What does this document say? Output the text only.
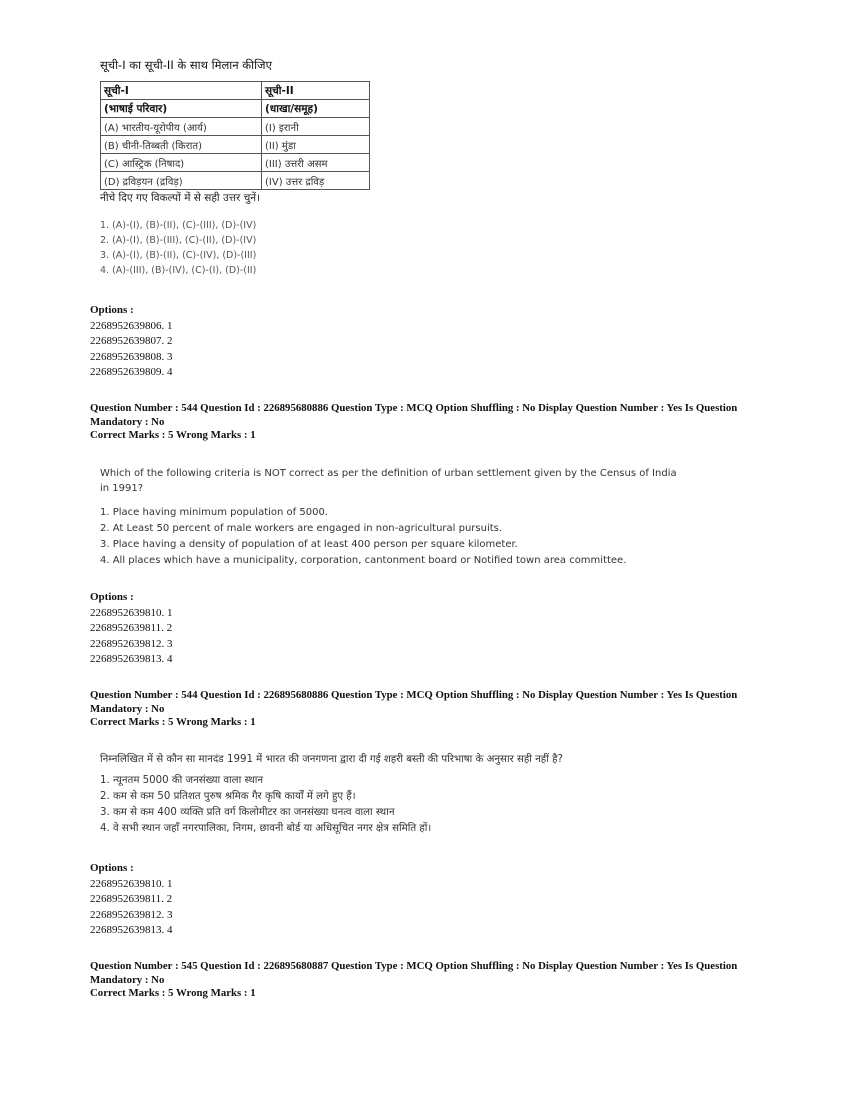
सूची-I का सूची-II के साथ मिलान कीजिए
सूची-I	सूची-II
(भाषाई परिवार)	(धाखा/समूह)
(A) भारतीय-यूरोपीय (आर्य)	(I) इरानी
(B) चीनी-तिब्बती (किरात)	(II) मुंडा
(C) आस्ट्रिक (निषाद)	(III) उत्तरी असम
(D) द्रविड़यन (द्रविड़)	(IV) उत्तर द्रविड़
नीचे दिए गए विकल्पों में से सही उत्तर चुनें।
1. (A)-(I), (B)-(II), (C)-(III), (D)-(IV)
2. (A)-(I), (B)-(III), (C)-(II), (D)-(IV)
3. (A)-(I), (B)-(II), (C)-(IV), (D)-(III)
4. (A)-(III), (B)-(IV), (C)-(I), (D)-(II)
Options :
2268952639806. 1
2268952639807. 2
2268952639808. 3
2268952639809. 4
Question Number : 544 Question Id : 226895680886 Question Type : MCQ Option Shuffling : No Display Question Number : Yes Is Question
Mandatory : No
Correct Marks : 5 Wrong Marks : 1

Which of the following criteria is NOT correct as per the definition of urban settlement given by the Census of India in 1991?

1. Place having minimum population of 5000.
2. At Least 50 percent of male workers are engaged in non-agricultural pursuits.
3. Place having a density of population of at least 400 person per square kilometer.
4. All places which have a municipality, corporation, cantonment board or Notified town area committee.
Options :
2268952639810. 1
2268952639811. 2
2268952639812. 3
2268952639813. 4
Question Number : 544 Question Id : 226895680886 Question Type : MCQ Option Shuffling : No Display Question Number : Yes Is Question
Mandatory : No
Correct Marks : 5 Wrong Marks : 1

निम्नलिखित में से कौन सा मानदंड 1991 में भारत की जनगणना द्वारा दी गई शहरी बस्ती की परिभाषा के अनुसार सही नहीं है?

1. न्यूनतम 5000 की जनसंख्या वाला स्थान
2. कम से कम 50 प्रतिशत पुरुष श्रमिक गैर कृषि कार्यों में लगे हुए हैं।
3. कम से कम 400 व्यक्ति प्रति वर्ग किलोमीटर का जनसंख्या घनत्व वाला स्थान
4. वे सभी स्थान जहाँ नगरपालिका, निगम, छावनी बोर्ड या अधिसूचित नगर क्षेत्र समिति हों।
Options :
2268952639810. 1
2268952639811. 2
2268952639812. 3
2268952639813. 4
Question Number : 545 Question Id : 226895680887 Question Type : MCQ Option Shuffling : No Display Question Number : Yes Is Question
Mandatory : No
Correct Marks : 5 Wrong Marks : 1
